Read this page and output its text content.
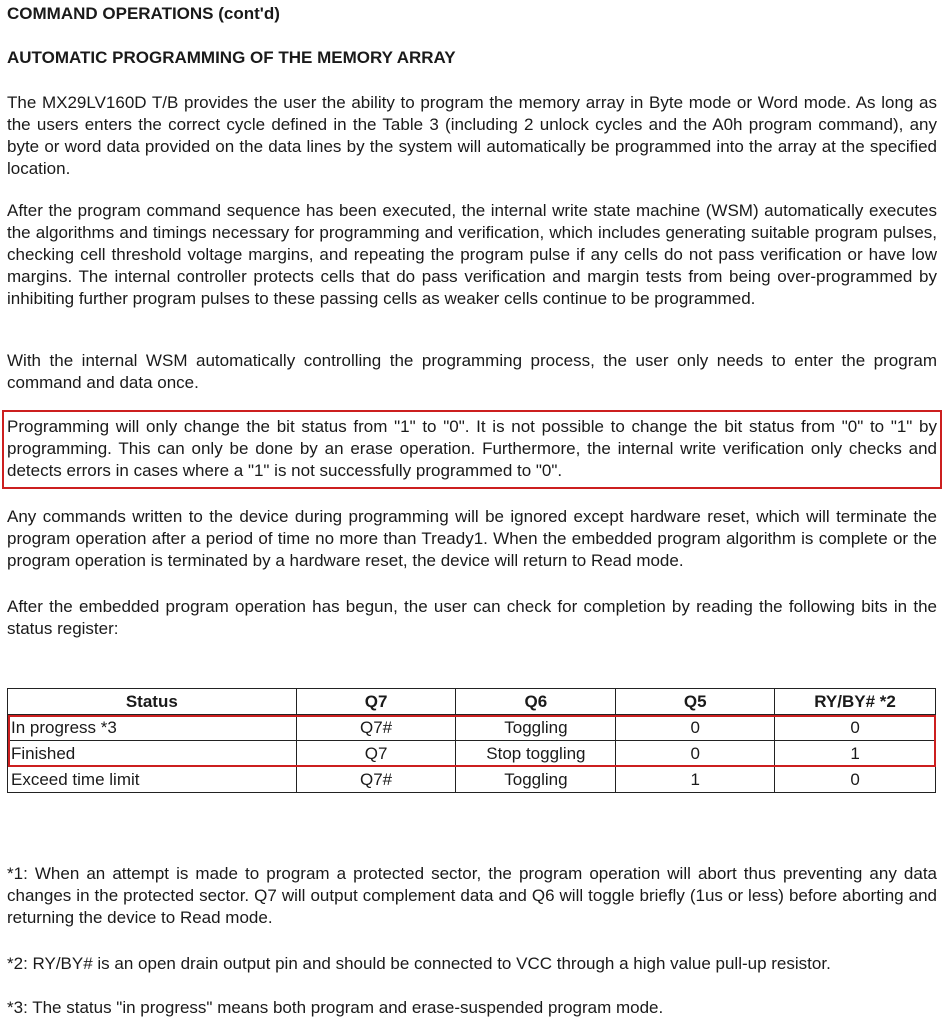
COMMAND OPERATIONS (cont'd)
AUTOMATIC PROGRAMMING OF THE MEMORY ARRAY

The MX29LV160D T/B provides the user the ability to program the memory array in Byte mode or Word mode. As long as the users enters the correct cycle defined in the Table 3 (including 2 unlock cycles and the A0h program command), any byte or word data provided on the data lines by the system will automatically be programmed into the array at the specified location.

After the program command sequence has been executed, the internal write state machine (WSM) automatically executes the algorithms and timings necessary for programming and verification, which includes generating suitable program pulses, checking cell threshold voltage margins, and repeating the program pulse if any cells do not pass verification or have low margins. The internal controller protects cells that do pass verification and margin tests from being over-programmed by inhibiting further program pulses to these passing cells as weaker cells continue to be programmed.

With the internal WSM automatically controlling the programming process, the user only needs to enter the program command and data once.

Programming will only change the bit status from "1" to "0". It is not possible to change the bit status from "0" to "1" by programming. This can only be done by an erase operation. Furthermore, the internal write verification only checks and detects errors in cases where a "1" is not successfully programmed to "0".

Any commands written to the device during programming will be ignored except hardware reset, which will terminate the program operation after a period of time no more than Tready1. When the embedded program algorithm is complete or the program operation is terminated by a hardware reset, the device will return to Read mode.

After the embedded program operation has begun, the user can check for completion by reading the following bits in the status register:

Status	Q7	Q6	Q5	RY/BY# *2
In progress *3	Q7#	Toggling	0	0
Finished	Q7	Stop toggling	0	1
Exceed time limit	Q7#	Toggling	1	0

*1: When an attempt is made to program a protected sector, the program operation will abort thus preventing any data changes in the protected sector. Q7 will output complement data and Q6 will toggle briefly (1us or less) before aborting and returning the device to Read mode.

*2: RY/BY# is an open drain output pin and should be connected to VCC through a high value pull-up resistor.

*3: The status "in progress" means both program and erase-suspended program mode.
